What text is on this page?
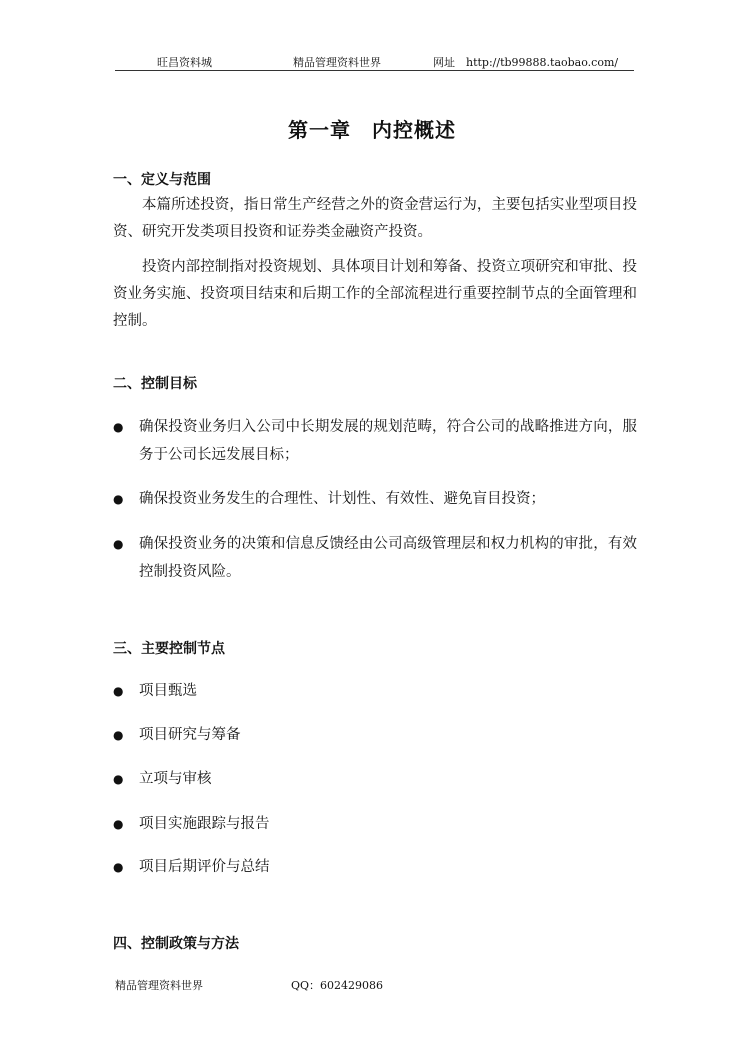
旺昌资料城	精品管理资料世界	网址　http://tb99888.taobao.com/
第一章　内控概述
一、定义与范围

本篇所述投资，指日常生产经营之外的资金营运行为，主要包括实业型项目投资、研究开发类项目投资和证券类金融资产投资。

投资内部控制指对投资规划、具体项目计划和筹备、投资立项研究和审批、投资业务实施、投资项目结束和后期工作的全部流程进行重要控制节点的全面管理和控制。

二、控制目标
● 确保投资业务归入公司中长期发展的规划范畴，符合公司的战略推进方向，服务于公司长远发展目标；
● 确保投资业务发生的合理性、计划性、有效性、避免盲目投资；
● 确保投资业务的决策和信息反馈经由公司高级管理层和权力机构的审批，有效控制投资风险。
三、主要控制节点
● 项目甄选
● 项目研究与筹备
● 立项与审核
● 项目实施跟踪与报告
● 项目后期评价与总结
四、控制政策与方法
精品管理资料世界	QQ：602429086
